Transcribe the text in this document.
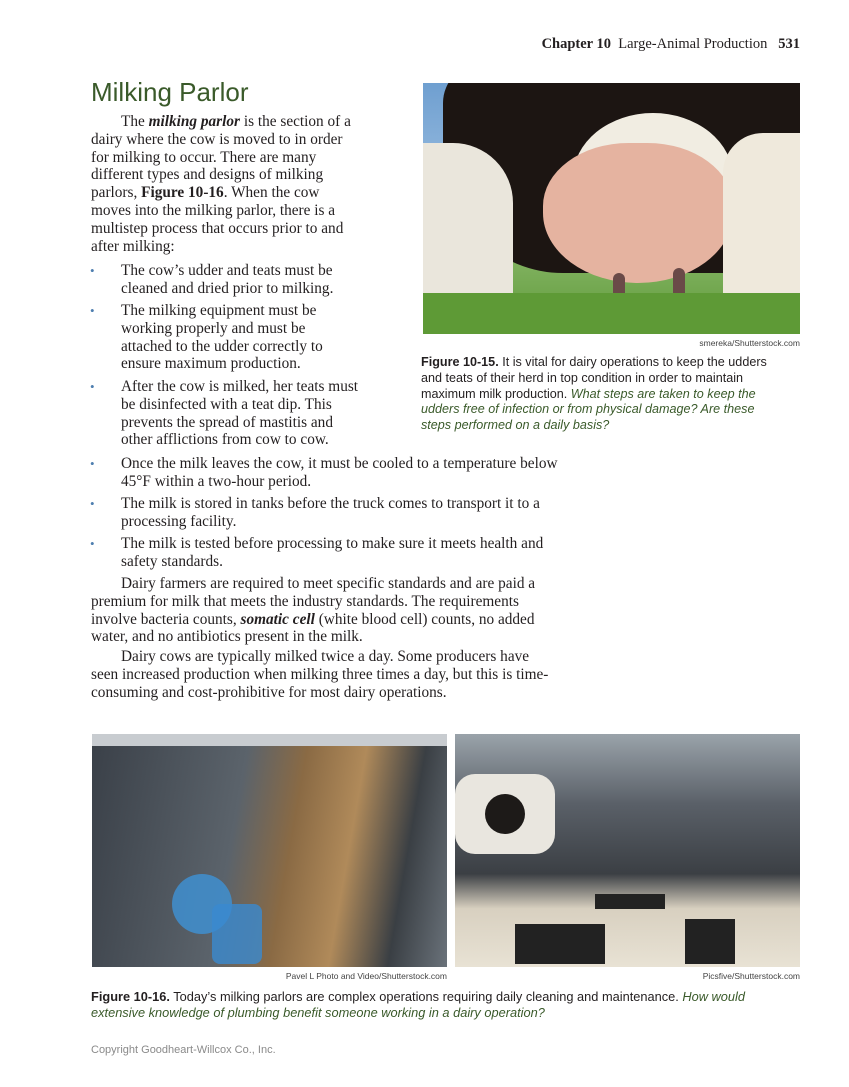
Chapter 10 Large-Animal Production 531
Milking Parlor
The milking parlor is the section of a
dairy where the cow is moved to in order
for milking to occur. There are many
different types and designs of milking
parlors, Figure 10-16. When the cow
moves into the milking parlor, there is a
multistep process that occurs prior to and
after milking:
The cow’s udder and teats must be
cleaned and dried prior to milking.
•
The milking equipment must be
working properly and must be
attached to the udder correctly to
ensure maximum production.
•
After the cow is milked, her teats must
be disinfected with a teat dip. This
prevents the spread of mastitis and
other afflictions from cow to cow.
•
Once the milk leaves the cow, it must be cooled to a temperature below
45°F within a two-hour period.
•
The milk is stored in tanks before the truck comes to transport it to a
processing facility.
•
The milk is tested before processing to make sure it meets health and
safety standards.
•
Dairy farmers are required to meet specific standards and are paid a
premium for milk that meets the industry standards. The requirements
involve bacteria counts, somatic cell (white blood cell) counts, no added
water, and no antibiotics present in the milk.
Dairy cows are typically milked twice a day. Some producers have
seen increased production when milking three times a day, but this is time-
consuming and cost-prohibitive for most dairy operations.
smereka/Shutterstock.com
Figure 10-15. It is vital for dairy operations to keep the udders
and teats of their herd in top condition in order to maintain
maximum milk production. What steps are taken to keep the
udders free of infection or from physical damage? Are these
steps performed on a daily basis?
Pavel L Photo and Video/Shutterstock.com	Picsfive/Shutterstock.com
Figure 10-16. Today’s milking parlors are complex operations requiring daily cleaning and maintenance. How would
extensive knowledge of plumbing benefit someone working in a dairy operation?
Copyright Goodheart-Willcox Co., Inc.
